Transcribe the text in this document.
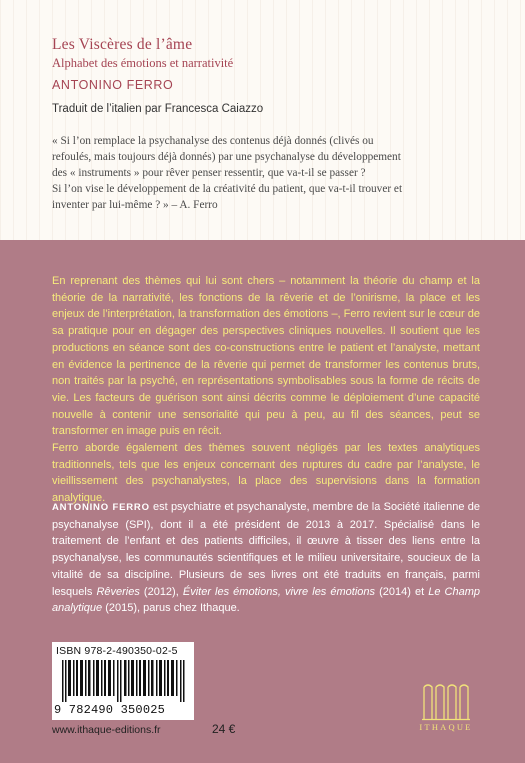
Les Viscères de l’âme
Alphabet des émotions et narrativité
ANTONINO FERRO
Traduit de l’italien par Francesca Caiazzo
« Si l’on remplace la psychanalyse des contenus déjà donnés (clivés ou
refoulés, mais toujours déjà donnés) par une psychanalyse du développement
des « instruments » pour rêver penser ressentir, que va-t-il se passer ?
Si l’on vise le développement de la créativité du patient, que va-t-il trouver et
inventer par lui-même ? » – A. Ferro

En reprenant des thèmes qui lui sont chers – notamment la théorie du champ et la théorie de la narrativité, les fonctions de la rêverie et de l’onirisme, la place et les enjeux de l’interprétation, la transformation des émotions –, Ferro revient sur le cœur de sa pratique pour en dégager des perspectives cliniques nouvelles. Il soutient que les productions en séance sont des co-constructions entre le patient et l’analyste, mettant en évidence la pertinence de la rêverie qui permet de transformer les contenus bruts, non traités par la psyché, en représentations symbolisables sous la forme de récits de vie. Les facteurs de guérison sont ainsi décrits comme le déploiement d’une capacité nouvelle à contenir une sensorialité qui peu à peu, au fil des séances, peut se transformer en image puis en récit.

Ferro aborde également des thèmes souvent négligés par les textes analytiques traditionnels, tels que les enjeux concernant des ruptures du cadre par l’analyste, le vieillissement des psychanalystes, la place des supervisions dans la formation analytique.

ANTONINO FERRO est psychiatre et psychanalyste, membre de la Société italienne de psychanalyse (SPI), dont il a été président de 2013 à 2017. Spécialisé dans le traitement de l’enfant et des patients difficiles, il œuvre à tisser des liens entre la psychanalyse, les communautés scientifiques et le milieu universitaire, soucieux de la vitalité de sa discipline. Plusieurs de ses livres ont été traduits en français, parmi lesquels Rêveries (2012), Éviter les émotions, vivre les émotions (2014) et Le Champ analytique (2015), parus chez Ithaque.
ISBN 978-2-490350-02-5
9 782490 350025
www.ithaque-editions.fr	24 €	ITHAQUE
